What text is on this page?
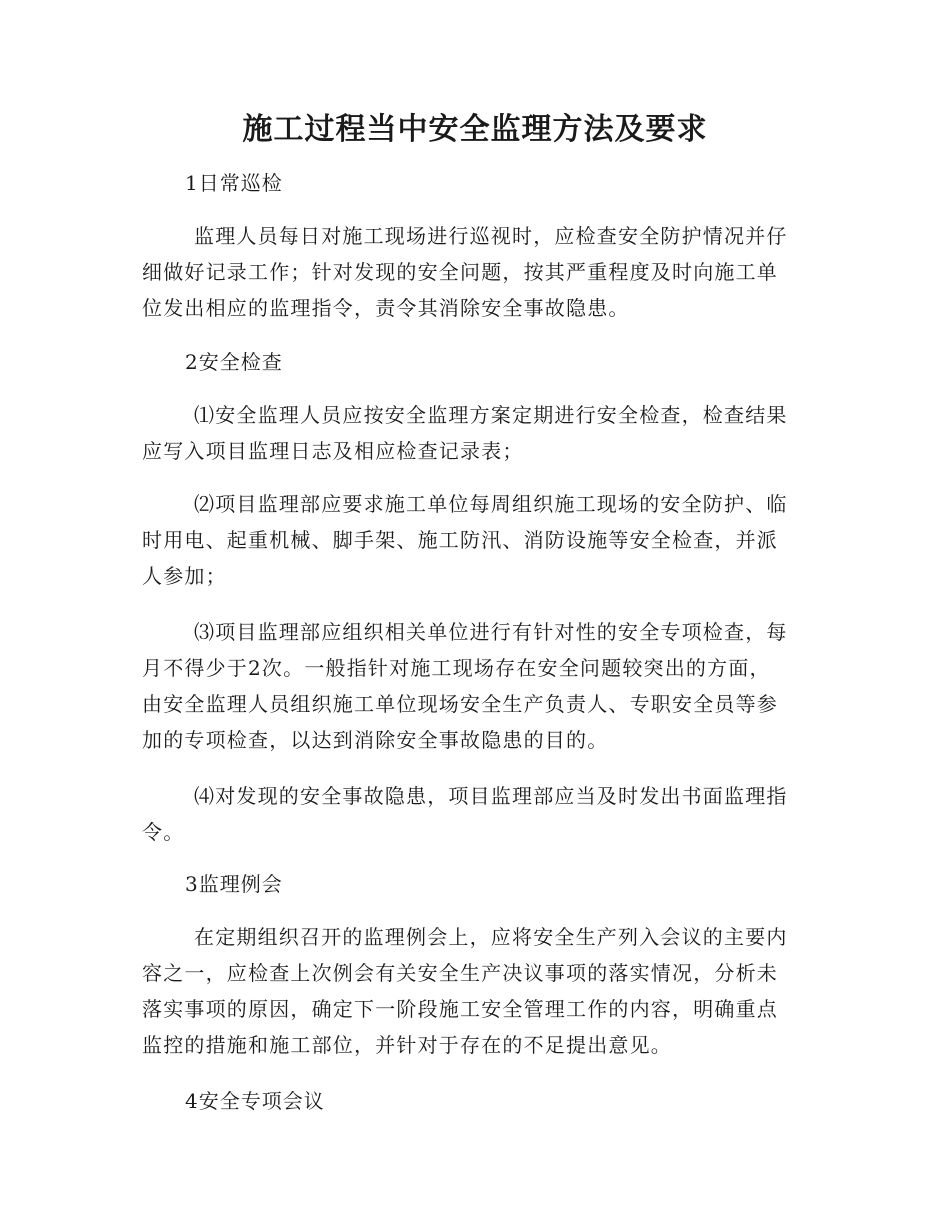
施工过程当中安全监理方法及要求
1日常巡检
监理人员每日对施工现场进行巡视时，应检查安全防护情况并仔
细做好记录工作；针对发现的安全问题，按其严重程度及时向施工单
位发出相应的监理指令，责令其消除安全事故隐患。
2安全检查
⑴安全监理人员应按安全监理方案定期进行安全检查，检查结果
应写入项目监理日志及相应检查记录表；
⑵项目监理部应要求施工单位每周组织施工现场的安全防护、临
时用电、起重机械、脚手架、施工防汛、消防设施等安全检查，并派
人参加；
⑶项目监理部应组织相关单位进行有针对性的安全专项检查，每
月不得少于2次。一般指针对施工现场存在安全问题较突出的方面，
由安全监理人员组织施工单位现场安全生产负责人、专职安全员等参
加的专项检查，以达到消除安全事故隐患的目的。
⑷对发现的安全事故隐患，项目监理部应当及时发出书面监理指
令。
3监理例会
在定期组织召开的监理例会上，应将安全生产列入会议的主要内
容之一，应检查上次例会有关安全生产决议事项的落实情况，分析未
落实事项的原因，确定下一阶段施工安全管理工作的内容，明确重点
监控的措施和施工部位，并针对于存在的不足提出意见。
4安全专项会议
